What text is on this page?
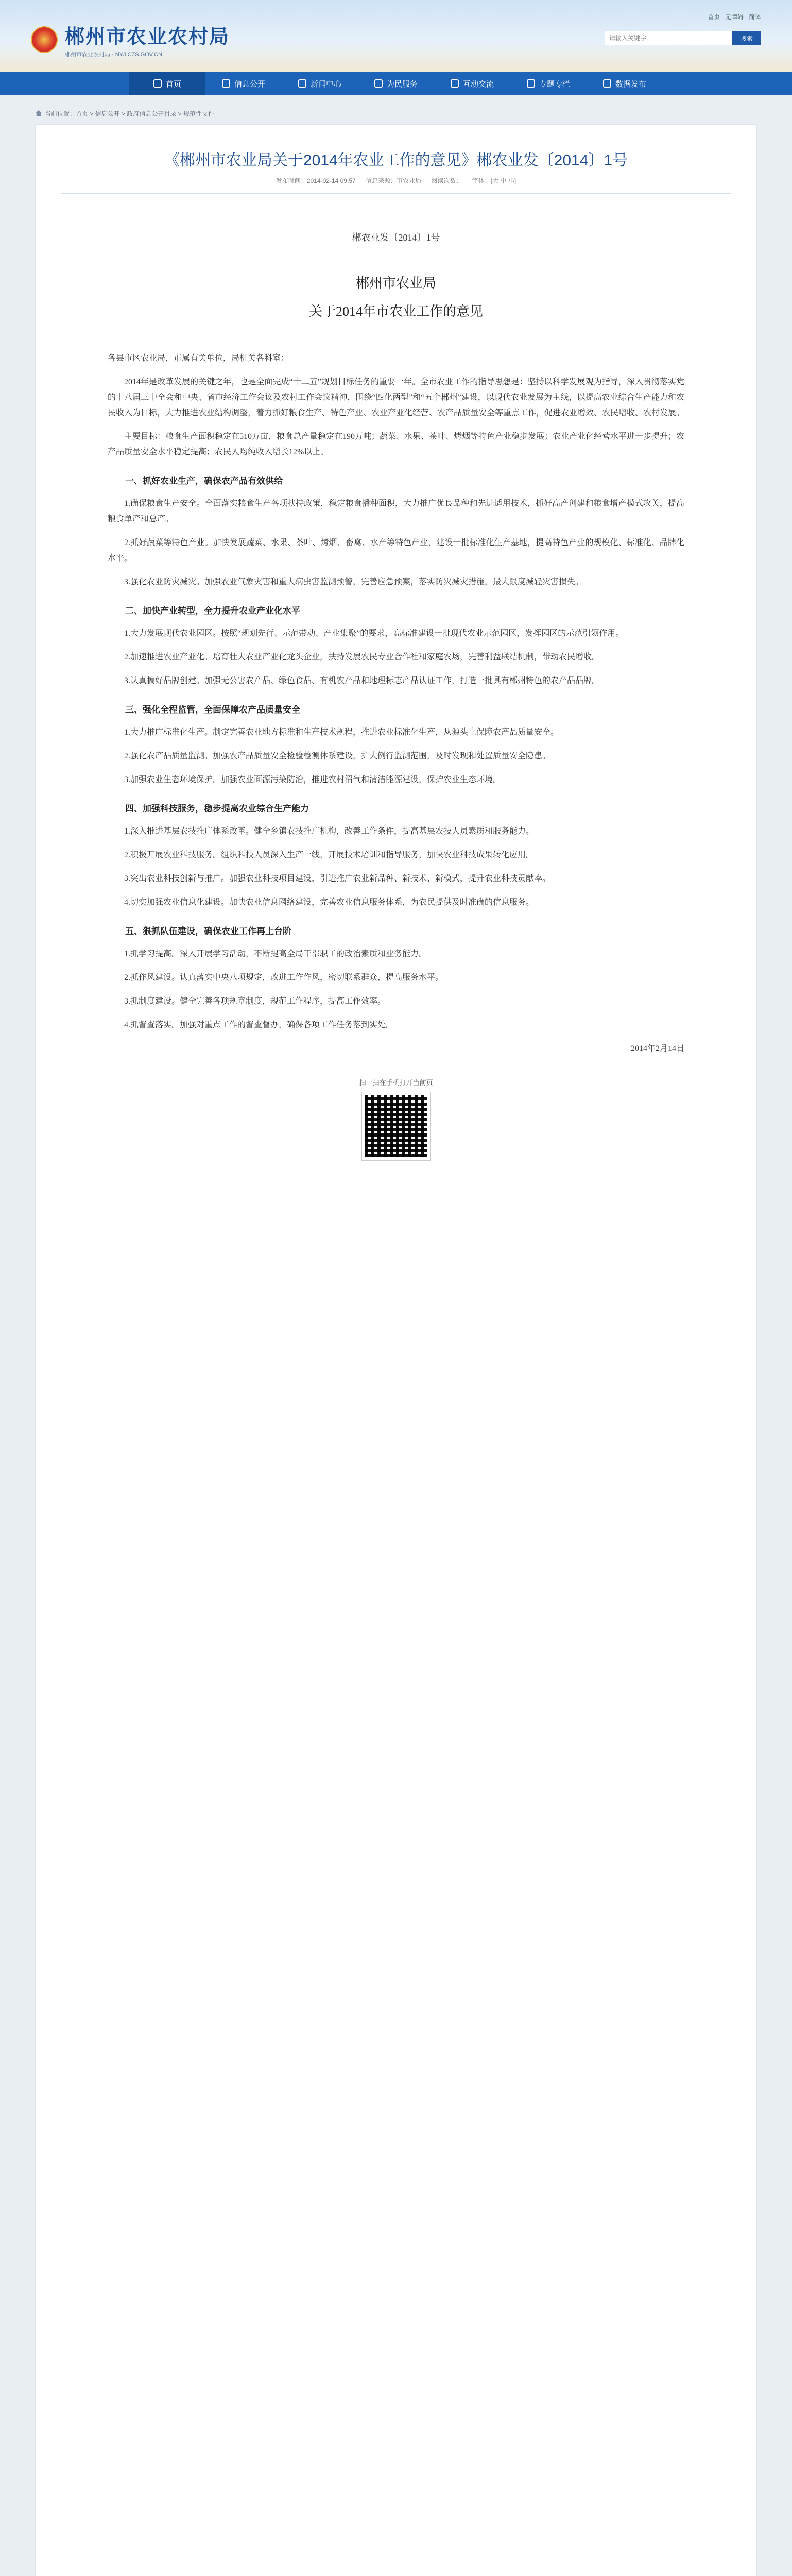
郴州市农业农村局
郴州市农业农村局 · NYJ.CZS.GOV.CN
首页 无障碍 简体
请输入关键字
搜索
首页	信息公开	新闻中心	为民服务	互动交流	专题专栏	数据发布
当前位置：首页 > 信息公开 > 政府信息公开目录 > 规范性文件
《郴州市农业局关于2014年农业工作的意见》郴农业发〔2014〕1号
发布时间：2014-02-14 09:57 信息来源：市农业局 阅读次数： 字体：[大 中 小]
郴农业发〔2014〕1号
郴州市农业局
关于2014年市农业工作的意见

各县市区农业局，市属有关单位，局机关各科室：

2014年是改革发展的关键之年，也是全面完成“十二五”规划目标任务的重要一年。全市农业工作的指导思想是：坚持以科学发展观为指导，深入贯彻落实党的十八届三中全会和中央、省市经济工作会议及农村工作会议精神，围绕“四化两型”和“五个郴州”建设，以现代农业发展为主线，以提高农业综合生产能力和农民收入为目标，大力推进农业结构调整，着力抓好粮食生产、特色产业、农业产业化经营、农产品质量安全等重点工作，促进农业增效、农民增收、农村发展。

主要目标：粮食生产面积稳定在510万亩，粮食总产量稳定在190万吨；蔬菜、水果、茶叶、烤烟等特色产业稳步发展；农业产业化经营水平进一步提升；农产品质量安全水平稳定提高；农民人均纯收入增长12%以上。

一、抓好农业生产，确保农产品有效供给

1.确保粮食生产安全。全面落实粮食生产各项扶持政策，稳定粮食播种面积，大力推广优良品种和先进适用技术，抓好高产创建和粮食增产模式攻关，提高粮食单产和总产。

2.抓好蔬菜等特色产业。加快发展蔬菜、水果、茶叶、烤烟、畜禽、水产等特色产业，建设一批标准化生产基地，提高特色产业的规模化、标准化、品牌化水平。

3.强化农业防灾减灾。加强农业气象灾害和重大病虫害监测预警，完善应急预案，落实防灾减灾措施，最大限度减轻灾害损失。

二、加快产业转型，全力提升农业产业化水平

1.大力发展现代农业园区。按照“规划先行、示范带动、产业集聚”的要求，高标准建设一批现代农业示范园区，发挥园区的示范引领作用。

2.加速推进农业产业化。培育壮大农业产业化龙头企业，扶持发展农民专业合作社和家庭农场，完善利益联结机制，带动农民增收。

3.认真搞好品牌创建。加强无公害农产品、绿色食品、有机农产品和地理标志产品认证工作，打造一批具有郴州特色的农产品品牌。

三、强化全程监管，全面保障农产品质量安全

1.大力推广标准化生产。制定完善农业地方标准和生产技术规程，推进农业标准化生产，从源头上保障农产品质量安全。

2.强化农产品质量监测。加强农产品质量安全检验检测体系建设，扩大例行监测范围，及时发现和处置质量安全隐患。

3.加强农业生态环境保护。加强农业面源污染防治，推进农村沼气和清洁能源建设，保护农业生态环境。

四、加强科技服务，稳步提高农业综合生产能力

1.深入推进基层农技推广体系改革。健全乡镇农技推广机构，改善工作条件，提高基层农技人员素质和服务能力。

2.积极开展农业科技服务。组织科技人员深入生产一线，开展技术培训和指导服务，加快农业科技成果转化应用。

3.突出农业科技创新与推广。加强农业科技项目建设，引进推广农业新品种、新技术、新模式，提升农业科技贡献率。

4.切实加强农业信息化建设。加快农业信息网络建设，完善农业信息服务体系，为农民提供及时准确的信息服务。

五、狠抓队伍建设，确保农业工作再上台阶

1.抓学习提高。深入开展学习活动，不断提高全局干部职工的政治素质和业务能力。

2.抓作风建设。认真落实中央八项规定，改进工作作风，密切联系群众，提高服务水平。

3.抓制度建设。健全完善各项规章制度，规范工作程序，提高工作效率。

4.抓督查落实。加强对重点工作的督查督办，确保各项工作任务落到实处。

2014年2月14日

扫一扫在手机打开当前页
